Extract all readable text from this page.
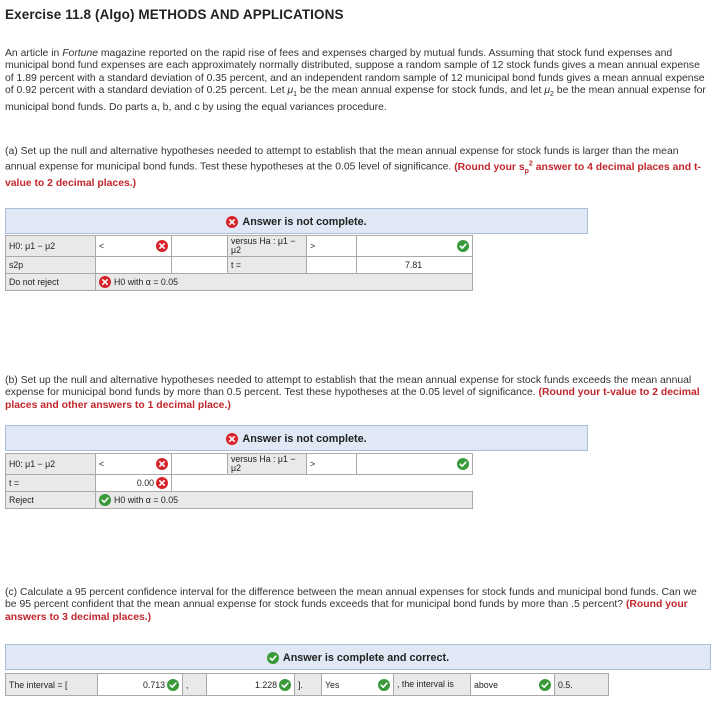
Exercise 11.8 (Algo) METHODS AND APPLICATIONS
An article in Fortune magazine reported on the rapid rise of fees and expenses charged by mutual funds. Assuming that stock fund expenses and municipal bond fund expenses are each approximately normally distributed, suppose a random sample of 12 stock funds gives a mean annual expense of 1.89 percent with a standard deviation of 0.35 percent, and an independent random sample of 12 municipal bond funds gives a mean annual expense of 0.92 percent with a standard deviation of 0.25 percent. Let $\mu_1$ be the mean annual expense for stock funds, and let $\mu_2$ be the mean annual expense for municipal bond funds. Do parts a, b, and c by using the equal variances procedure.
(a) Set up the null and alternative hypotheses needed to attempt to establish that the mean annual expense for stock funds is larger than the mean annual expense for municipal bond funds. Test these hypotheses at the 0.05 level of significance. (Round your $s_p^2$ answer to 4 decimal places and t-value to 2 decimal places.)
Answer is not complete.
H0: μ1 − μ2	<		versus Ha : μ1 − μ2	>	

s2p			t =		7.81

Do not reject	H0 with α = 0.05				
(b) Set up the null and alternative hypotheses needed to attempt to establish that the mean annual expense for stock funds exceeds the mean annual expense for municipal bond funds by more than 0.5 percent. Test these hypotheses at the 0.05 level of significance. (Round your t-value to 2 decimal places and other answers to 1 decimal place.)
Answer is not complete.
H0: μ1 − μ2	<		versus Ha : μ1 − μ2	>	

t =	0.00				

Reject	H0 with α = 0.05				
(c) Calculate a 95 percent confidence interval for the difference between the mean annual expenses for stock funds and municipal bond funds. Can we be 95 percent confident that the mean annual expense for stock funds exceeds that for municipal bond funds by more than .5 percent? (Round your answers to 3 decimal places.)
Answer is complete and correct.
The interval = [	0.713	,	1.228	].	Yes	, the interval is	above	0.5.	
